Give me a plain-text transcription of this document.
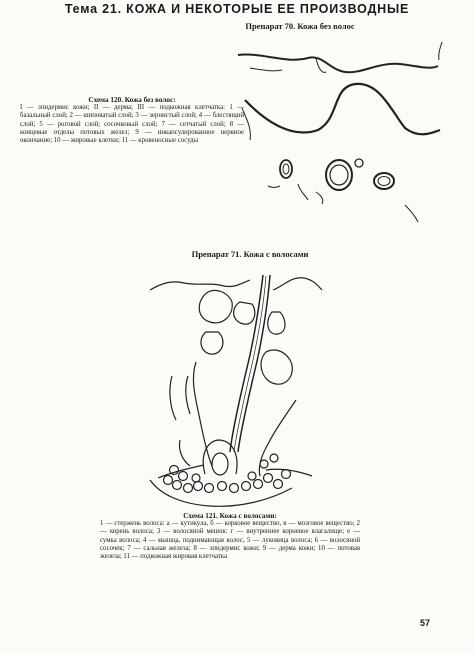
Тема 21. КОЖА И НЕКОТОРЫЕ ЕЕ ПРОИЗВОДНЫЕ
Препарат 70. Кожа без волос
Схема 120. Кожа без волос:
I — эпидермис кожи; II — дерма; III — подкожная клетчатка: 1 — базальный слой; 2 — шиповатый слой; 3 — зернистый слой; 4 — блестящий слой; 5 — роговой слой; сосочковый слой; 7 — сетчатый слой; 8 — концевые отделы потовых желез; 9 — инкапсулированное нервное окончание; 10 — жировые клетки; 11 — кровеносные сосуды
Препарат 71. Кожа с волосами
Схема 121. Кожа с волосами:
1 — стержень волоса: а — кутикула, б — корковое вещество, в — мозговое вещество; 2 — корень волоса; 3 — волосяной мешок: г — внутреннее корневое влагалище; е — сумка волоса; 4 — мышца, поднимающая волос, 5 — луковица волоса; 6 — волосяной сосочек; 7 — сальная железа; 8 — эпидермис кожи; 9 — дерма кожи; 10 — потовая железа; 11 — подкожная жировая клетчатка
57
